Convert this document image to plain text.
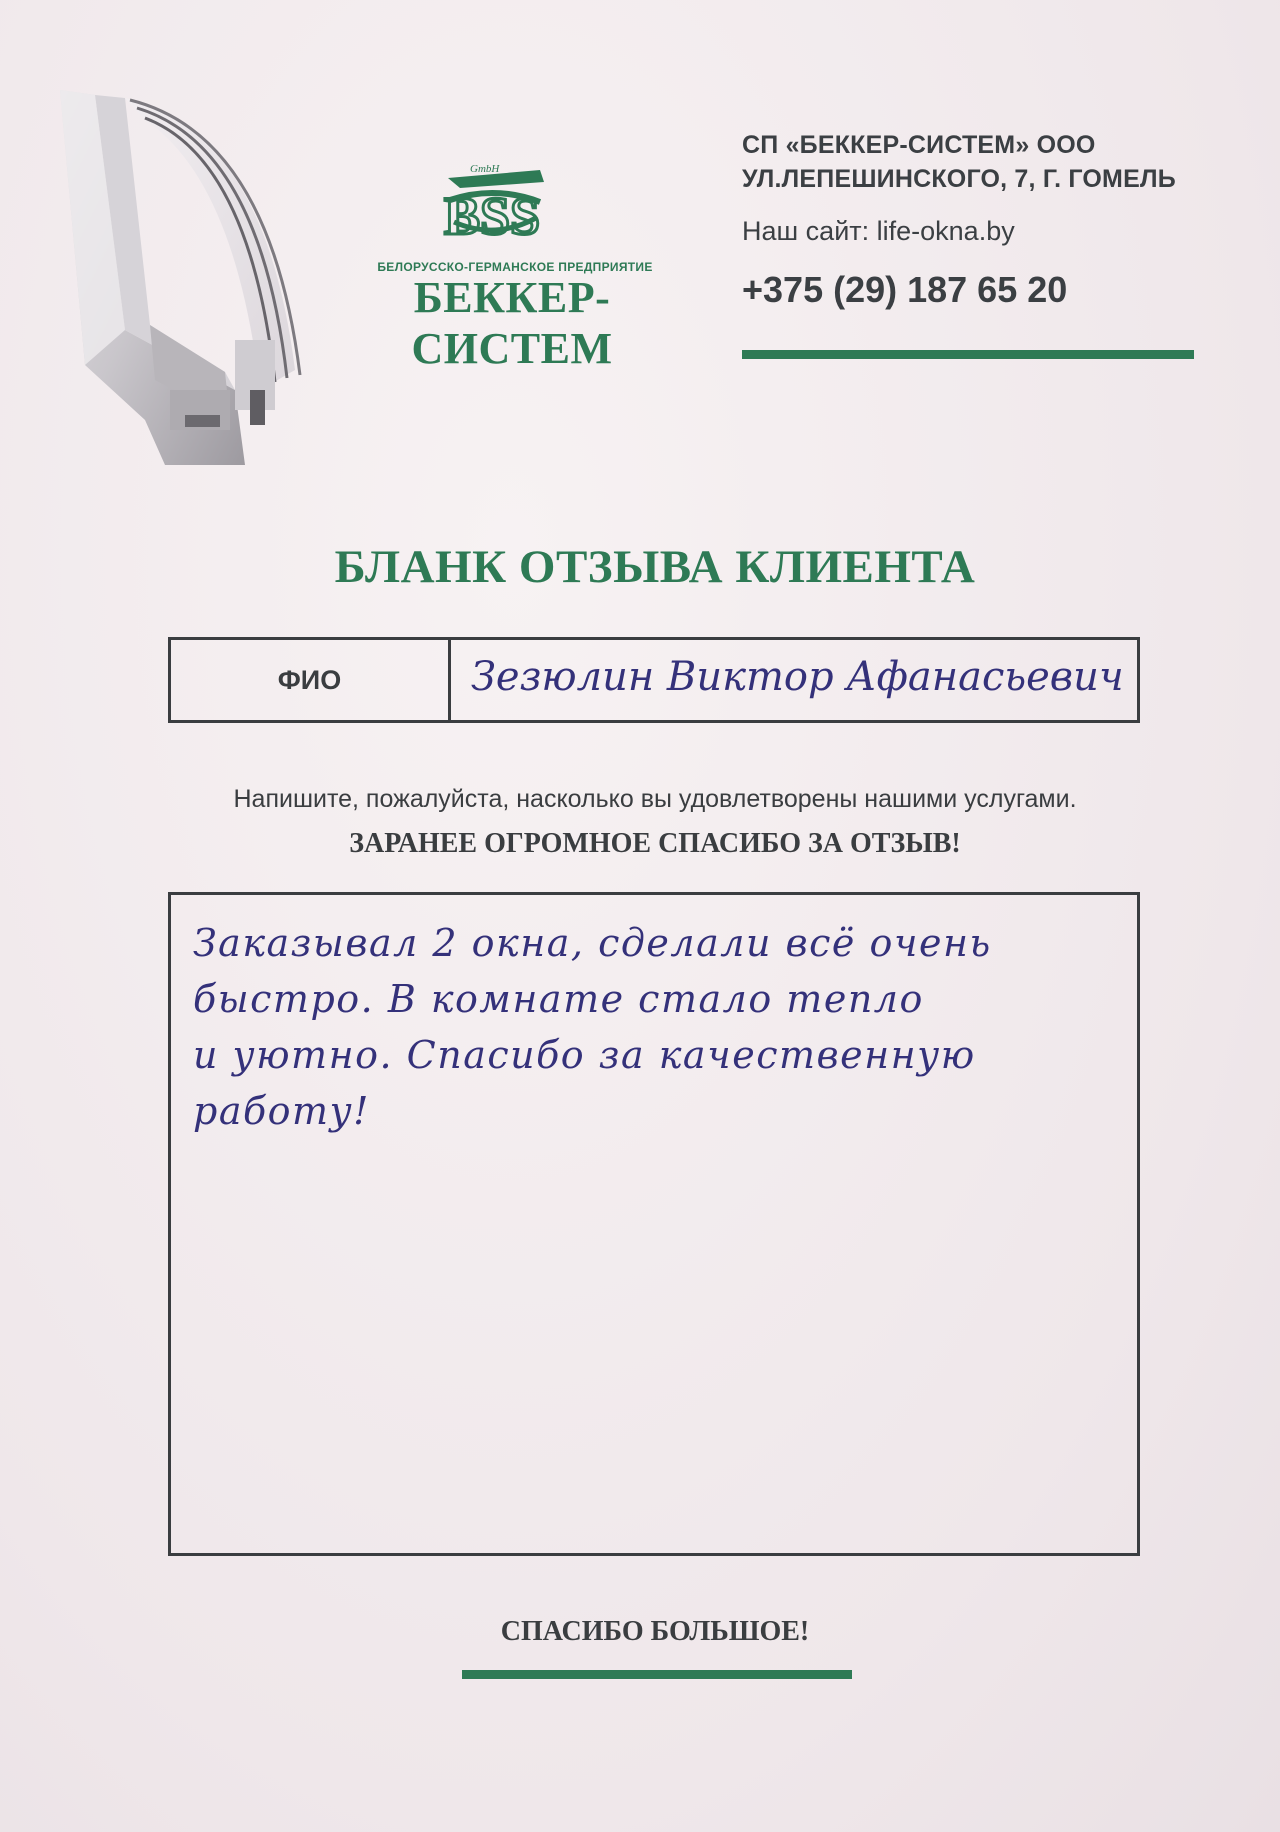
GmbH
BSS
БЕЛОРУССКО-ГЕРМАНСКОЕ ПРЕДПРИЯТИЕ
БЕККЕР-СИСТЕМ
СП «БЕККЕР-СИСТЕМ» ООО
УЛ.ЛЕПЕШИНСКОГО, 7, Г. ГОМЕЛЬ
Наш сайт: life-okna.by
+375 (29) 187 65 20
БЛАНК ОТЗЫВА КЛИЕНТА
ФИО	Зезюлин Виктор Афанасьевич
Напишите, пожалуйста, насколько вы удовлетворены нашими услугами.
ЗАРАНЕЕ ОГРОМНОЕ СПАСИБО ЗА ОТЗЫВ!
Заказывал 2 окна, сделали всё очень
быстро. В комнате стало тепло
и уютно. Спасибо за качественную
работу!
СПАСИБО БОЛЬШОЕ!
